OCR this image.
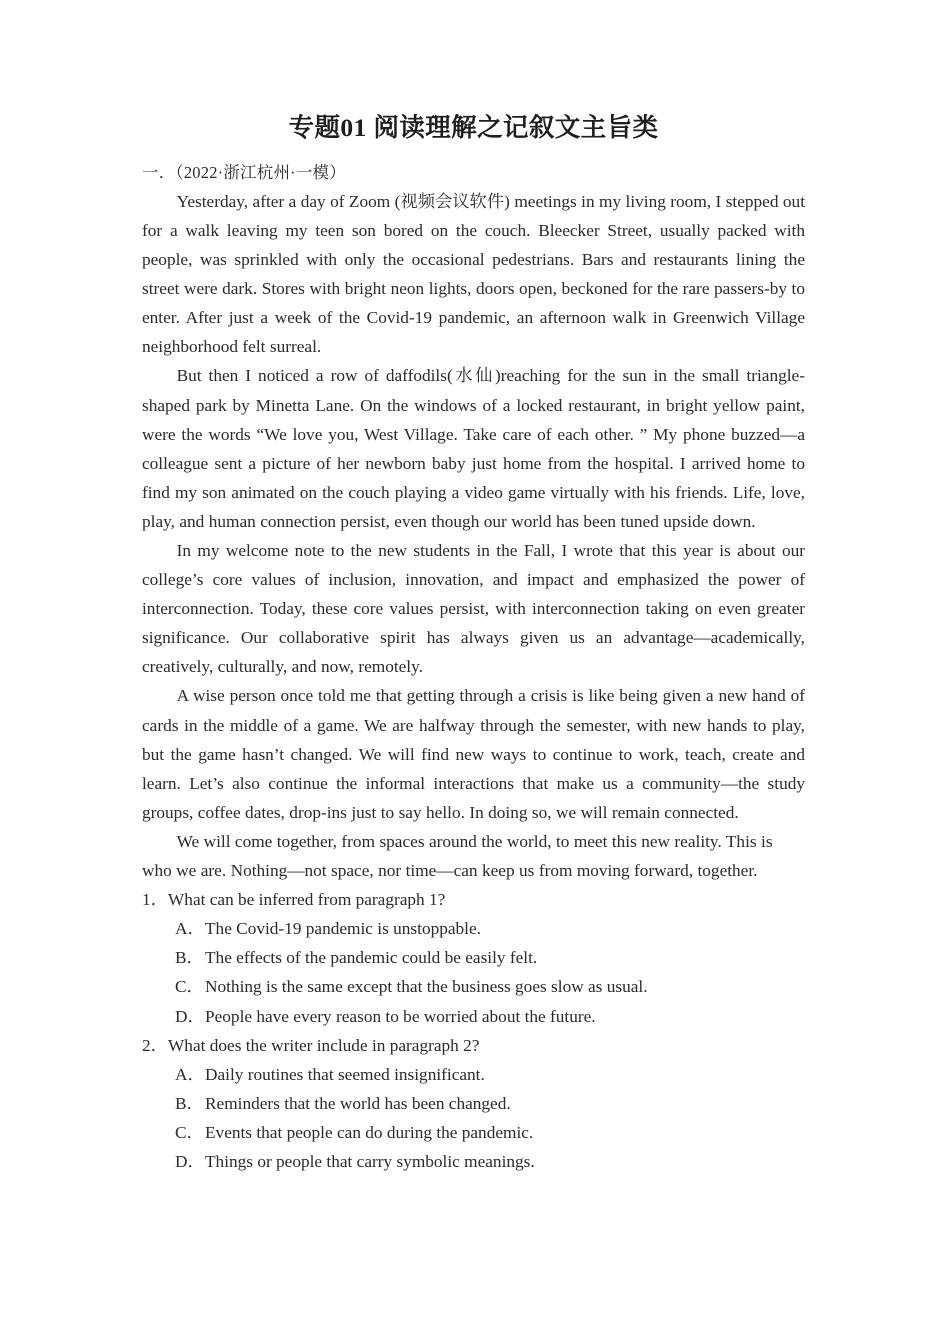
专题01 阅读理解之记叙文主旨类

一．（2022·浙江杭州·一模）

Yesterday, after a day of Zoom (视频会议软件) meetings in my living room, I stepped out for a walk leaving my teen son bored on the couch. Bleecker Street, usually packed with people, was sprinkled with only the occasional pedestrians. Bars and restaurants lining the street were dark. Stores with bright neon lights, doors open, beckoned for the rare passers-by to enter. After just a week of the Covid-19 pandemic, an afternoon walk in Greenwich Village neighborhood felt surreal.

But then I noticed a row of daffodils(水仙)reaching for the sun in the small triangle-shaped park by Minetta Lane. On the windows of a locked restaurant, in bright yellow paint, were the words “We love you, West Village. Take care of each other. ” My phone buzzed—a colleague sent a picture of her newborn baby just home from the hospital. I arrived home to find my son animated on the couch playing a video game virtually with his friends. Life, love, play, and human connection persist, even though our world has been tuned upside down.

In my welcome note to the new students in the Fall, I wrote that this year is about our college’s core values of inclusion, innovation, and impact and emphasized the power of interconnection. Today, these core values persist, with interconnection taking on even greater significance. Our collaborative spirit has always given us an advantage—academically, creatively, culturally, and now, remotely.

A wise person once told me that getting through a crisis is like being given a new hand of cards in the middle of a game. We are halfway through the semester, with new hands to play, but the game hasn’t changed. We will find new ways to continue to work, teach, create and learn. Let’s also continue the informal interactions that make us a community—the study groups, coffee dates, drop-ins just to say hello. In doing so, we will remain connected.

We will come together, from spaces around the world, to meet this new reality. This is who we are. Nothing—not space, nor time—can keep us from moving forward, together.

1．What can be inferred from paragraph 1?

A．The Covid-19 pandemic is unstoppable.

B．The effects of the pandemic could be easily felt.

C．Nothing is the same except that the business goes slow as usual.

D．People have every reason to be worried about the future.

2．What does the writer include in paragraph 2?

A．Daily routines that seemed insignificant.

B．Reminders that the world has been changed.

C．Events that people can do during the pandemic.

D．Things or people that carry symbolic meanings.
